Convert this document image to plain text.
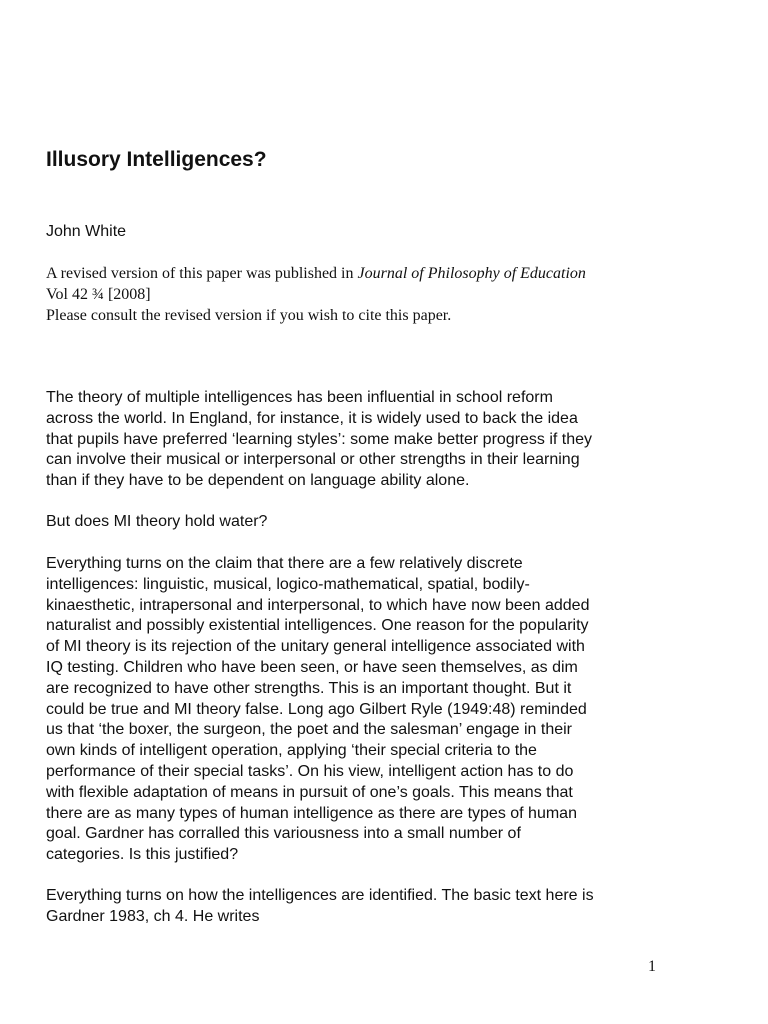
Illusory Intelligences?
John White
A revised version of this paper was published in Journal of Philosophy of Education
Vol 42 ¾ [2008]
Please consult the revised version if you wish to cite this paper.
The theory of multiple intelligences has been influential in school reform
across the world. In England, for instance, it is widely used to back the idea
that pupils have preferred ‘learning styles’: some make better progress if they
can involve their musical or interpersonal or other strengths in their learning
than if they have to be dependent on language ability alone.
But does MI theory hold water?
Everything turns on the claim that there are a few relatively discrete
intelligences: linguistic, musical, logico-mathematical, spatial, bodily-
kinaesthetic, intrapersonal and interpersonal, to which have now been added
naturalist and possibly existential intelligences. One reason for the popularity
of MI theory is its rejection of the unitary general intelligence associated with
IQ testing. Children who have been seen, or have seen themselves, as dim
are recognized to have other strengths. This is an important thought. But it
could be true and MI theory false. Long ago Gilbert Ryle (1949:48) reminded
us that ‘the boxer, the surgeon, the poet and the salesman’ engage in their
own kinds of intelligent operation, applying ‘their special criteria to the
performance of their special tasks’. On his view, intelligent action has to do
with flexible adaptation of means in pursuit of one’s goals. This means that
there are as many types of human intelligence as there are types of human
goal. Gardner has corralled this variousness into a small number of
categories. Is this justified?
Everything turns on how the intelligences are identified. The basic text here is
Gardner 1983, ch 4. He writes
1
